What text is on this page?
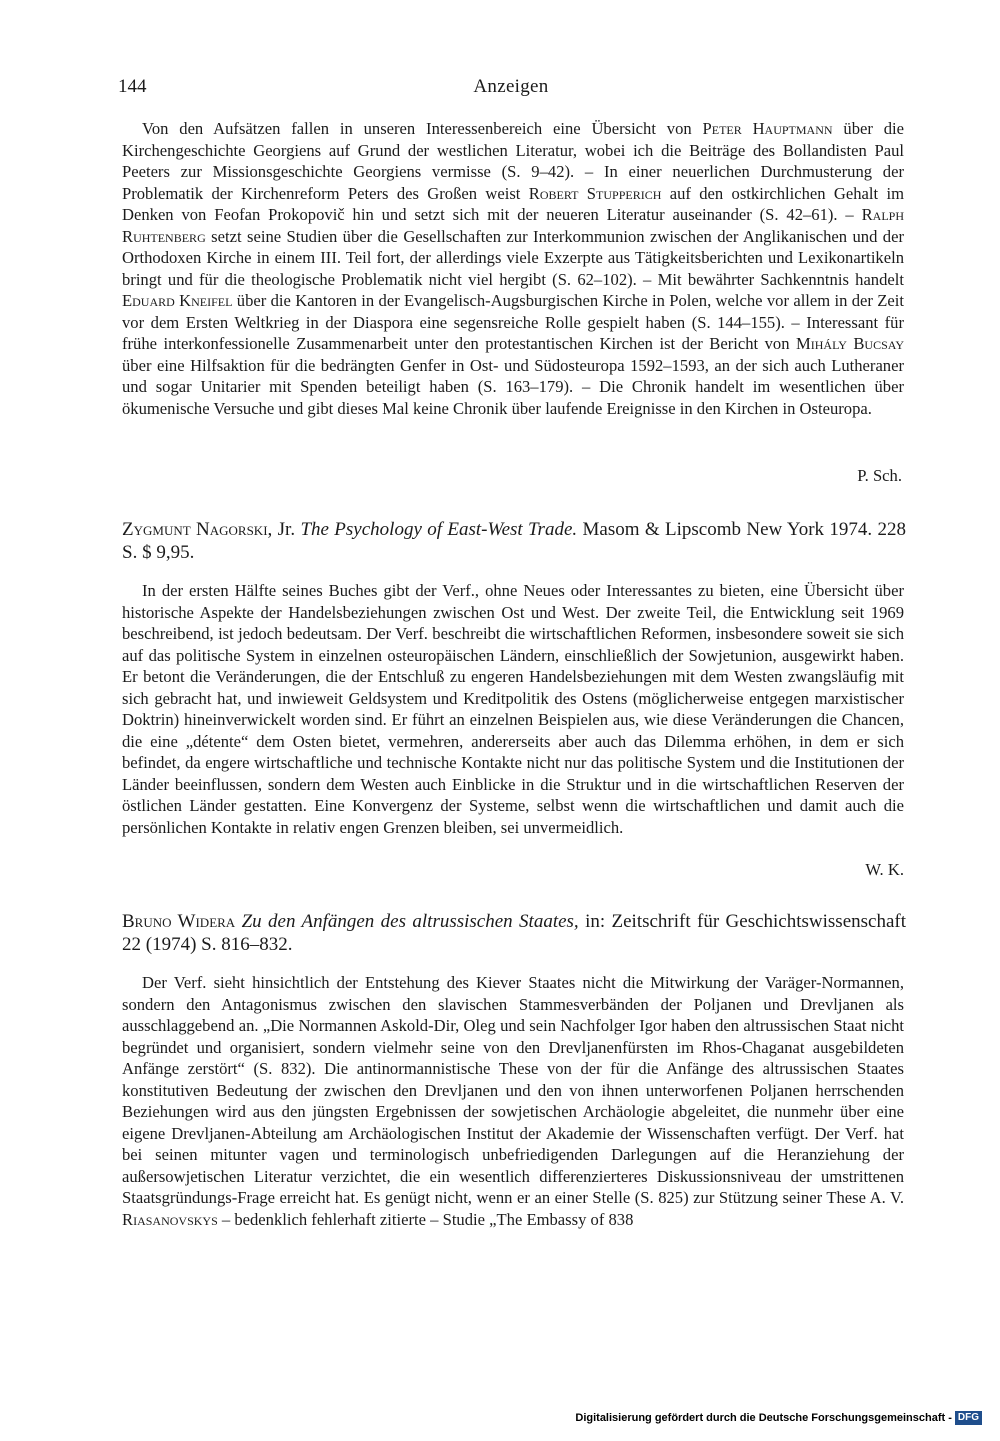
144	Anzeigen

Von den Aufsätzen fallen in unseren Interessenbereich eine Übersicht von Peter Hauptmann über die Kirchengeschichte Georgiens auf Grund der westlichen Literatur, wobei ich die Beiträge des Bollandisten Paul Peeters zur Missionsgeschichte Georgiens vermisse (S. 9–42). – In einer neuerlichen Durchmusterung der Problematik der Kirchenreform Peters des Großen weist Robert Stupperich auf den ostkirchlichen Gehalt im Denken von Feofan Prokopovič hin und setzt sich mit der neueren Literatur auseinander (S. 42–61). – Ralph Ruhtenberg setzt seine Studien über die Gesellschaften zur Interkommunion zwischen der Anglikanischen und der Orthodoxen Kirche in einem III. Teil fort, der allerdings viele Exzerpte aus Tätigkeitsberichten und Lexikonartikeln bringt und für die theologische Problematik nicht viel hergibt (S. 62–102). – Mit bewährter Sachkenntnis handelt Eduard Kneifel über die Kantoren in der Evangelisch-Augsburgischen Kirche in Polen, welche vor allem in der Zeit vor dem Ersten Weltkrieg in der Diaspora eine segensreiche Rolle gespielt haben (S. 144–155). – Interessant für frühe interkonfessionelle Zusammenarbeit unter den protestantischen Kirchen ist der Bericht von Mihály Bucsay über eine Hilfsaktion für die bedrängten Genfer in Ost- und Südosteuropa 1592–1593, an der sich auch Lutheraner und sogar Unitarier mit Spenden beteiligt haben (S. 163–179). – Die Chronik handelt im wesentlichen über ökumenische Versuche und gibt dieses Mal keine Chronik über laufende Ereignisse in den Kirchen in Osteuropa.

P. Sch.

Zygmunt Nagorski, Jr. The Psychology of East-West Trade. Masom & Lipscomb New York 1974. 228 S. $ 9,95.

In der ersten Hälfte seines Buches gibt der Verf., ohne Neues oder Interessantes zu bieten, eine Übersicht über historische Aspekte der Handelsbeziehungen zwischen Ost und West. Der zweite Teil, die Entwicklung seit 1969 beschreibend, ist jedoch bedeutsam. Der Verf. beschreibt die wirtschaftlichen Reformen, insbesondere soweit sie sich auf das politische System in einzelnen osteuropäischen Ländern, einschließlich der Sowjetunion, ausgewirkt haben. Er betont die Veränderungen, die der Entschluß zu engeren Handelsbeziehungen mit dem Westen zwangsläufig mit sich gebracht hat, und inwieweit Geldsystem und Kreditpolitik des Ostens (möglicherweise entgegen marxistischer Doktrin) hineinverwickelt worden sind. Er führt an einzelnen Beispielen aus, wie diese Veränderungen die Chancen, die eine „détente“ dem Osten bietet, vermehren, andererseits aber auch das Dilemma erhöhen, in dem er sich befindet, da engere wirtschaftliche und technische Kontakte nicht nur das politische System und die Institutionen der Länder beeinflussen, sondern dem Westen auch Einblicke in die Struktur und in die wirtschaftlichen Reserven der östlichen Länder gestatten. Eine Konvergenz der Systeme, selbst wenn die wirtschaftlichen und damit auch die persönlichen Kontakte in relativ engen Grenzen bleiben, sei unvermeidlich.

W. K.

Bruno Widera Zu den Anfängen des altrussischen Staates, in: Zeitschrift für Geschichtswissenschaft 22 (1974) S. 816–832.

Der Verf. sieht hinsichtlich der Entstehung des Kiever Staates nicht die Mitwirkung der Varäger-Normannen, sondern den Antagonismus zwischen den slavischen Stammesverbänden der Poljanen und Drevljanen als ausschlaggebend an. „Die Normannen Askold-Dir, Oleg und sein Nachfolger Igor haben den altrussischen Staat nicht begründet und organisiert, sondern vielmehr seine von den Drevljanenfürsten im Rhos-Chaganat ausgebildeten Anfänge zerstört“ (S. 832). Die antinormannistische These von der für die Anfänge des altrussischen Staates konstitutiven Bedeutung der zwischen den Drevljanen und den von ihnen unterworfenen Poljanen herrschenden Beziehungen wird aus den jüngsten Ergebnissen der sowjetischen Archäologie abgeleitet, die nunmehr über eine eigene Drevljanen-Abteilung am Archäologischen Institut der Akademie der Wissenschaften verfügt. Der Verf. hat bei seinen mitunter vagen und terminologisch unbefriedigenden Darlegungen auf die Heranziehung der außersowjetischen Literatur verzichtet, die ein wesentlich differenzierteres Diskussionsniveau der umstrittenen Staatsgründungs-Frage erreicht hat. Es genügt nicht, wenn er an einer Stelle (S. 825) zur Stützung seiner These A. V. Riasanovskys – bedenklich fehlerhaft zitierte – Studie „The Embassy of 838

Digitalisierung gefördert durch die Deutsche Forschungsgemeinschaft - DFG
